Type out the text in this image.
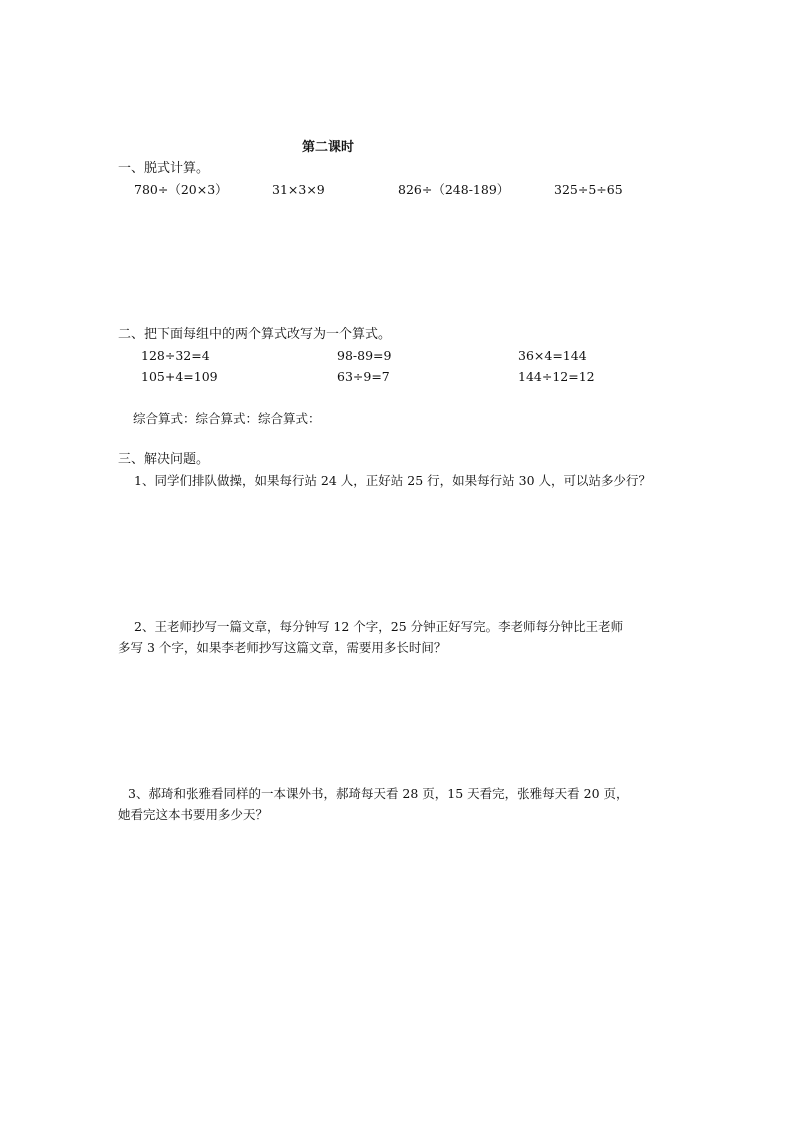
第二课时
一、脱式计算。
780÷（20×3）	31×3×9	826÷（248-189）	325÷5÷65
二、把下面每组中的两个算式改写为一个算式。
128÷32=4	98-89=9	36×4=144
105+4=109	63÷9=7	144÷12=12
综合算式：综合算式：综合算式：
三、解决问题。
1、同学们排队做操，如果每行站 24 人，正好站 25 行，如果每行站 30 人，可以站多少行？
2、王老师抄写一篇文章，每分钟写 12 个字，25 分钟正好写完。李老师每分钟比王老师
多写 3 个字，如果李老师抄写这篇文章，需要用多长时间？
3、郝琦和张雅看同样的一本课外书，郝琦每天看 28 页，15 天看完，张雅每天看 20 页，
她看完这本书要用多少天？
